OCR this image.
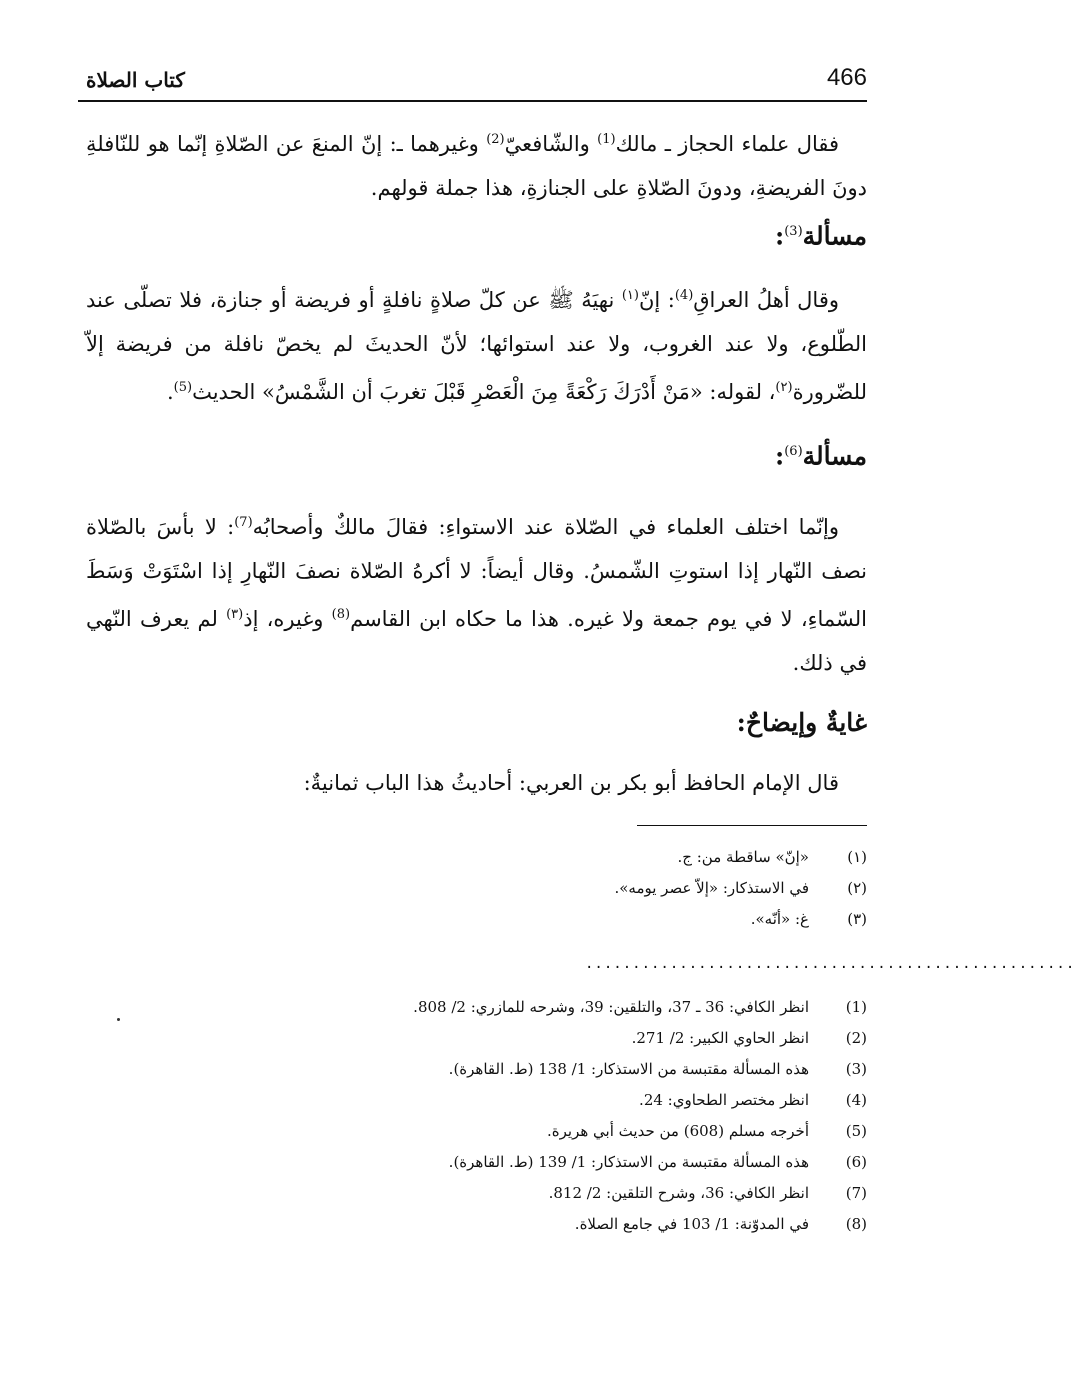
466
كتاب الصلاة

فقال علماء الحجاز ـ مالك$^{(1)}$ والشّافعيّ$^{(2)}$ وغيرهما ـ: إنّ المنعَ عن الصّلاةِ إنّما هو للنّافلةِ دونَ الفريضةِ، ودونَ الصّلاةِ على الجنازةِ، هذا جملة قولهم.

مسألة$^{(3)}$:

وقال أهلُ العراقِ$^{(4)}$: إنّ$^{(١)}$ نهيَهُ ﷺ عن كلّ صلاةٍ نافلةٍ أو فريضة أو جنازة، فلا تصلّى عند الطّلوع، ولا عند الغروب، ولا عند استوائها؛ لأنّ الحديثَ لم يخصّ نافلة من فريضة إلاّ للضّرورة$^{(٢)}$، لقوله: «مَنْ أَدْرَكَ رَكْعَةً مِنَ الْعَصْرِ قَبْلَ تغربَ أن الشَّمْسُ» الحديث$^{(5)}$.

مسألة$^{(6)}$:

وإنّما اختلف العلماء في الصّلاة عند الاستواءِ: فقالَ مالكٌ وأصحابُه$^{(7)}$: لا بأسَ بالصّلاة نصف النّهار إذا استوتِ الشّمسُ. وقال أيضاً: لا أكرهُ الصّلاة نصفَ النّهارِ إذا اسْتَوَتْ وَسَطَ السّماءِ، لا في يوم جمعة ولا غيره. هذا ما حكاه ابن القاسم$^{(8)}$ وغيره، إذ$^{(٣)}$ لم يعرف النّهي في ذلك.

غايةٌ وإيضاحٌ:

قال الإمام الحافظ أبو بكر بن العربي: أحاديثُ هذا الباب ثمانيةٌ:

(١)
«إنّ» ساقطة من: ج.
(٢)
في الاستذكار: «إلاّ عصر يومه».
(٣)
غ: «أنّه».
....................................................
(1)
انظر الكافي: 36 ـ 37، والتلقين: 39، وشرحه للمازري: 2/ 808.
(2)
انظر الحاوي الكبير: 2/ 271.
(3)
هذه المسألة مقتبسة من الاستذكار: 1/ 138 (ط. القاهرة).
(4)
انظر مختصر الطحاوي: 24.
(5)
أخرجه مسلم (608) من حديث أبي هريرة.
(6)
هذه المسألة مقتبسة من الاستذكار: 1/ 139 (ط. القاهرة).
(7)
انظر الكافي: 36، وشرح التلقين: 2/ 812.
(8)
في المدوّنة: 1/ 103 في جامع الصلاة.
